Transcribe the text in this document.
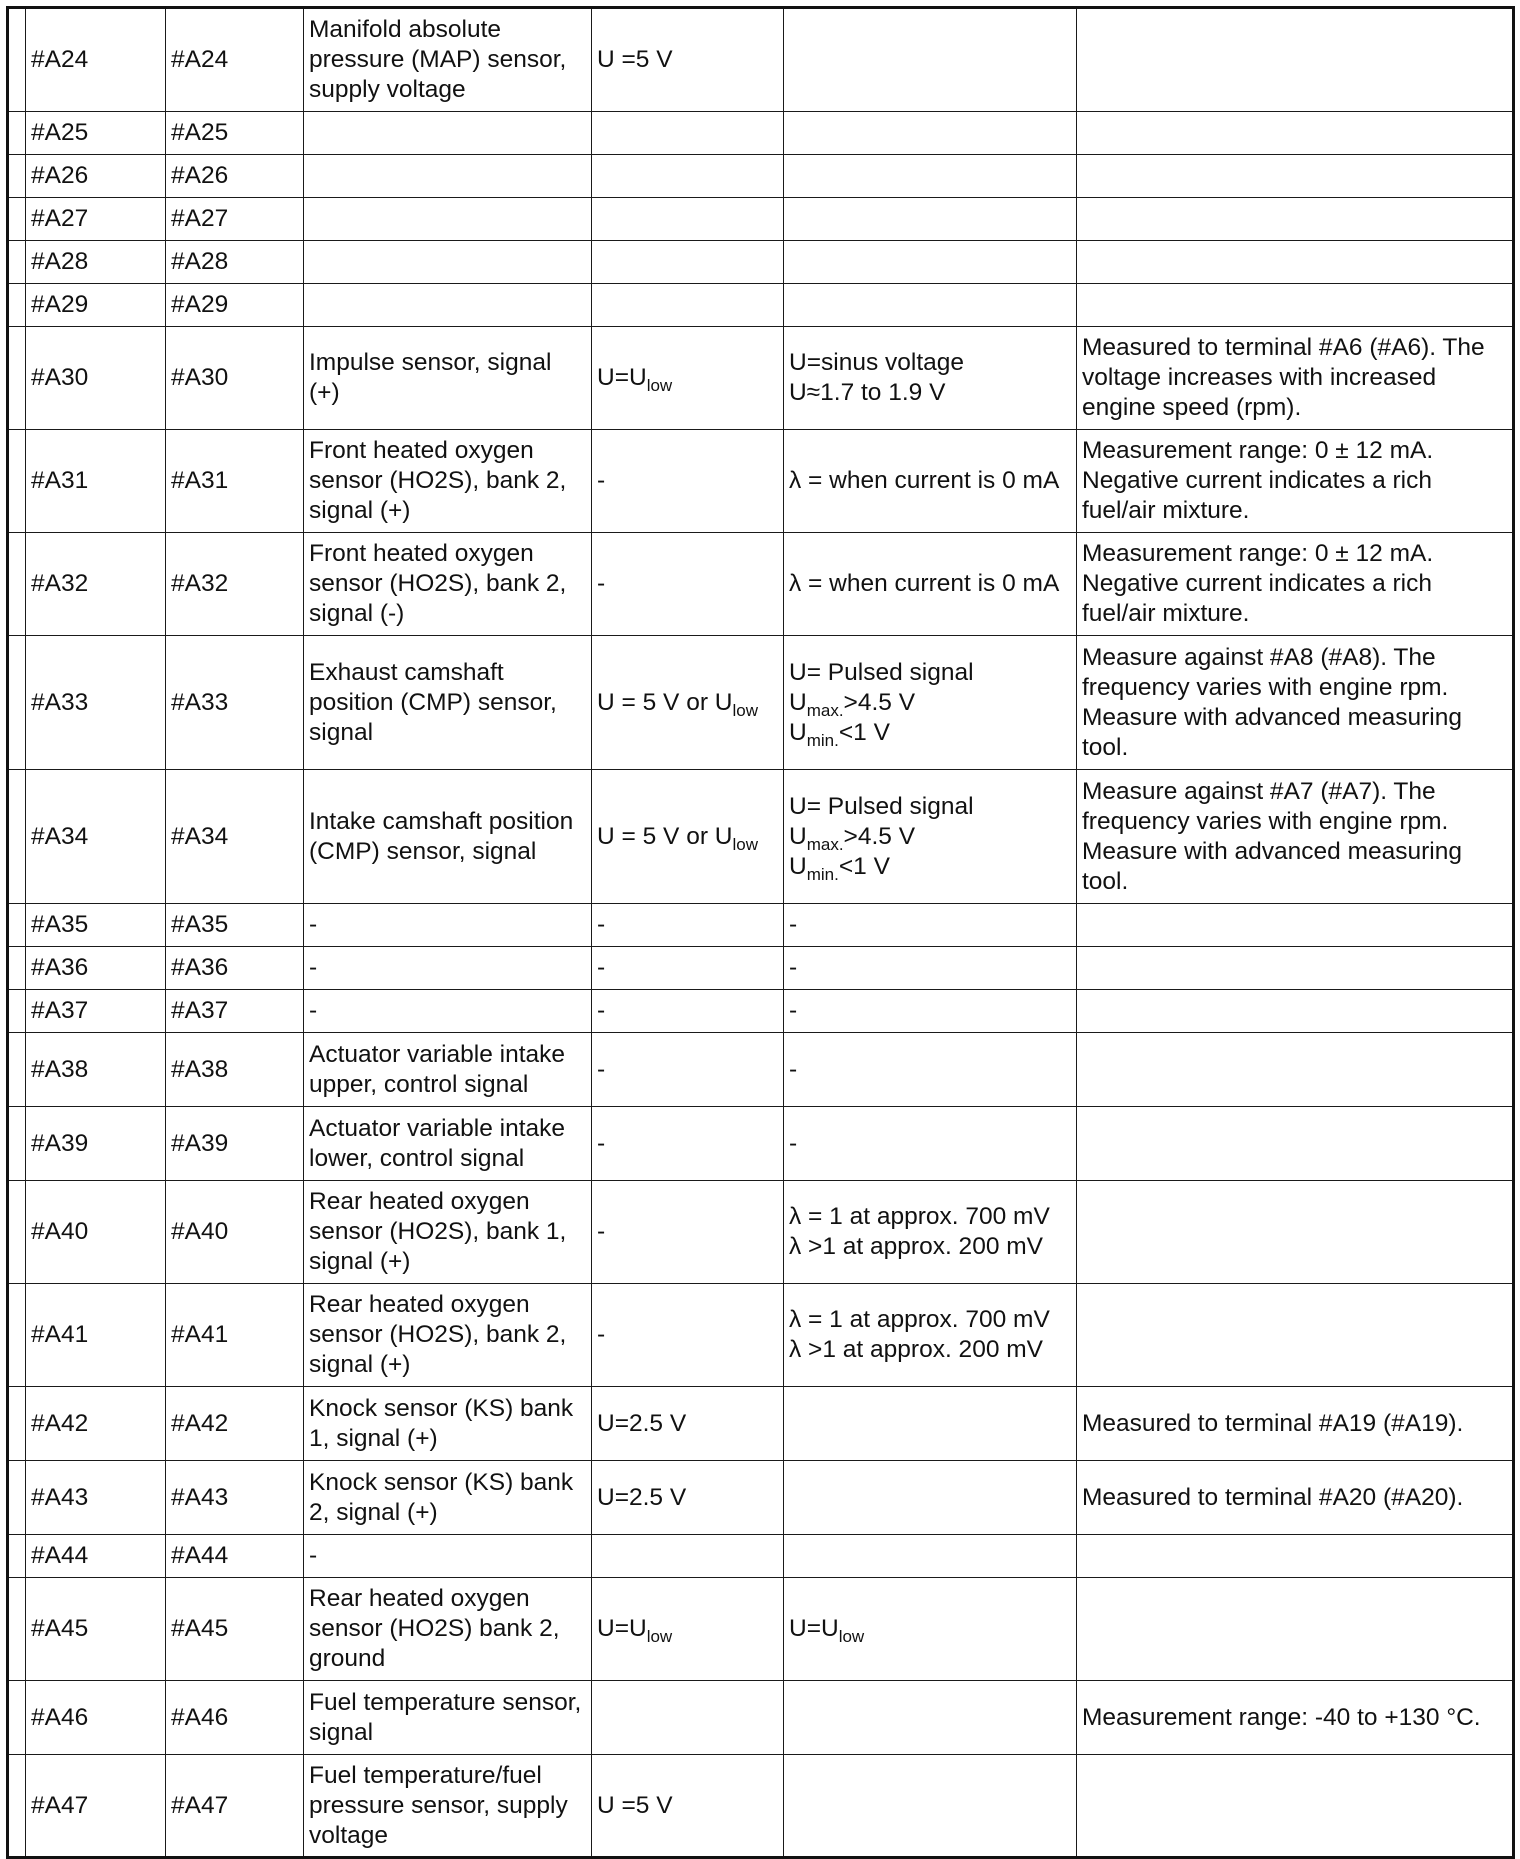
	#A24	#A24	Manifold absolute pressure (MAP) sensor, supply voltage	U =5 V		
	#A25	#A25				
	#A26	#A26				
	#A27	#A27				
	#A28	#A28				
	#A29	#A29				
	#A30	#A30	Impulse sensor, signal (+)	$U=U_{low}$	U=sinus voltage
U≈1.7 to 1.9 V	Measured to terminal #A6 (#A6). The voltage increases with increased engine speed (rpm).
	#A31	#A31	Front heated oxygen sensor (HO2S), bank 2, signal (+)	-	λ = when current is 0 mA	Measurement range: 0 ± 12 mA. Negative current indicates a rich fuel/air mixture.
	#A32	#A32	Front heated oxygen sensor (HO2S), bank 2, signal (-)	-	λ = when current is 0 mA	Measurement range: 0 ± 12 mA. Negative current indicates a rich fuel/air mixture.
	#A33	#A33	Exhaust camshaft position (CMP) sensor, signal	U = 5 V or $U_{low}$	U= Pulsed signal
$U_{max.}>4.5$ V
$U_{min.}<1$ V	Measure against #A8 (#A8). The frequency varies with engine rpm. Measure with advanced measuring tool.
	#A34	#A34	Intake camshaft position (CMP) sensor, signal	U = 5 V or $U_{low}$	U= Pulsed signal
$U_{max.}>4.5$ V
$U_{min.}<1$ V	Measure against #A7 (#A7). The frequency varies with engine rpm. Measure with advanced measuring tool.
	#A35	#A35	-	-	-	
	#A36	#A36	-	-	-	
	#A37	#A37	-	-	-	
	#A38	#A38	Actuator variable intake upper, control signal	-	-	
	#A39	#A39	Actuator variable intake lower, control signal	-	-	
	#A40	#A40	Rear heated oxygen sensor (HO2S), bank 1, signal (+)	-	λ = 1 at approx. 700 mV
λ >1 at approx. 200 mV	

	#A41	#A41	Rear heated oxygen sensor (HO2S), bank 2, signal (+)	-	λ = 1 at approx. 700 mV
λ >1 at approx. 200 mV	

	#A42	#A42	Knock sensor (KS) bank 1, signal (+)	U=2.5 V		Measured to terminal #A19 (#A19).
	#A43	#A43	Knock sensor (KS) bank 2, signal (+)	U=2.5 V		Measured to terminal #A20 (#A20).
	#A44	#A44	-			
	#A45	#A45	Rear heated oxygen sensor (HO2S) bank 2, ground	$U=U_{low}$	$U=U_{low}$	
	#A46	#A46	Fuel temperature sensor, signal			Measurement range: -40 to +130 °C.
	#A47	#A47	Fuel temperature/fuel pressure sensor, supply voltage	U =5 V		
